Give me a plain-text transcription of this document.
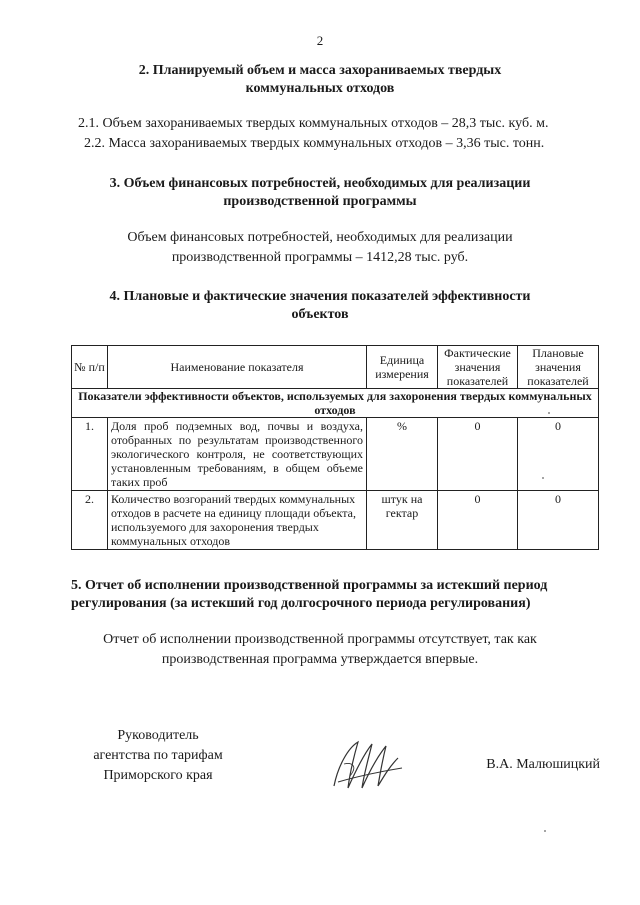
2
2. Планируемый объем и масса захораниваемых твердых
коммунальных отходов
2.1. Объем захораниваемых твердых коммунальных отходов – 28,3 тыс. куб. м.
2.2. Масса захораниваемых твердых коммунальных отходов – 3,36 тыс. тонн.
3. Объем финансовых потребностей, необходимых для реализации
производственной программы
Объем финансовых потребностей, необходимых для реализации
производственной программы – 1412,28 тыс. руб.
4. Плановые и фактические значения показателей эффективности
объектов
№ п/п	Наименование показателя	Единица измерения	Фактические значения показателей	Плановые значения показателей
Показатели эффективности объектов, используемых для захоронения твердых коммунальных отходов				
1.	Доля проб подземных вод, почвы и воздуха, отобранных по результатам производственного экологического контроля, не соответствующих установленным требованиям, в общем объеме таких проб	%	0	0
2.	Количество возгораний твердых коммунальных отходов в расчете на единицу площади объекта, используемого для захоронения твердых коммунальных отходов	штук на гектар	0	0
5. Отчет об исполнении производственной программы за истекший период
регулирования (за истекший год долгосрочного периода регулирования)
Отчет об исполнении производственной программы отсутствует, так как
производственная программа утверждается впервые.
Руководитель
агентства по тарифам
Приморского края
В.А. Малюшицкий
